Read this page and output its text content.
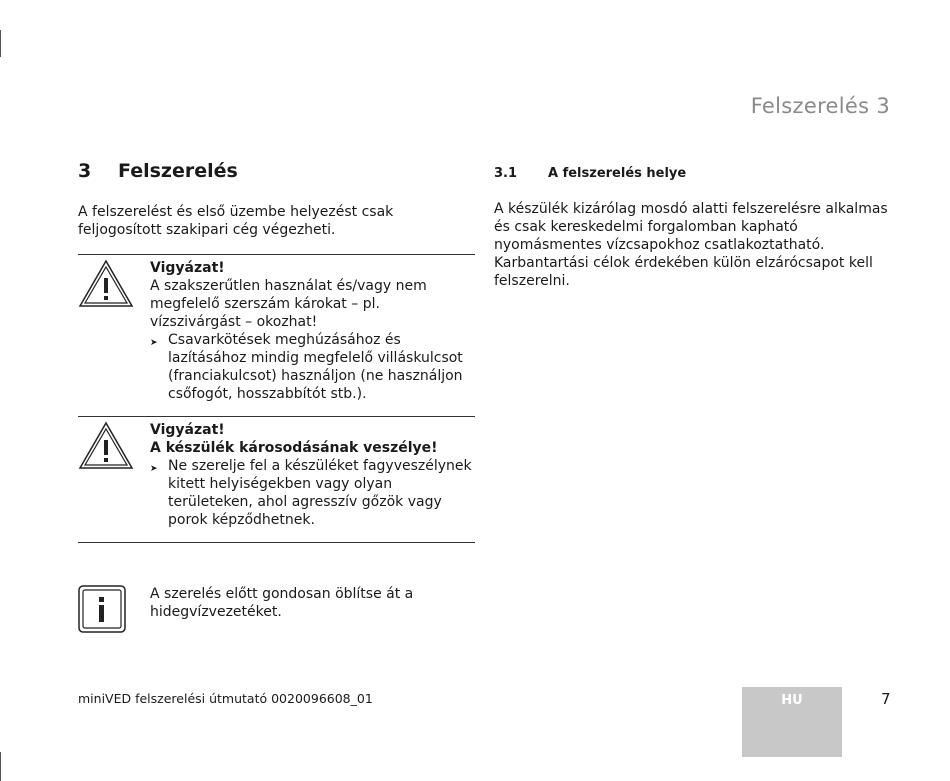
Felszerelés 3
3	Felszerelés

A felszerelést és első üzembe helyezést csak feljogosított szakipari cég végezheti.

Vigyázat!
A szakszerűtlen használat és/vagy nem megfelelő szerszám károkat – pl. vízszivárgást – okozhat!
➤ Csavarkötések meghúzásához és lazításához mindig megfelelő villáskulcsot (franciakulcsot) használjon (ne használjon csőfogót, hosszabbítót stb.).
Vigyázat!
A készülék károsodásának veszélye!
➤ Ne szerelje fel a készüléket fagyveszélynek kitett helyiségekben vagy olyan területeken, ahol agresszív gőzök vagy porok képződhetnek.

A szerelés előtt gondosan öblítse át a hidegvízvezetéket.

3.1	A felszerelés helye

A készülék kizárólag mosdó alatti felszerelésre alkalmas és csak kereskedelmi forgalomban kapható nyomásmentes vízcsapokhoz csatlakoztatható. Karbantartási célok érdekében külön elzárócsapot kell felszerelni.

miniVED felszerelési útmutató 0020096608_01	HU	7
